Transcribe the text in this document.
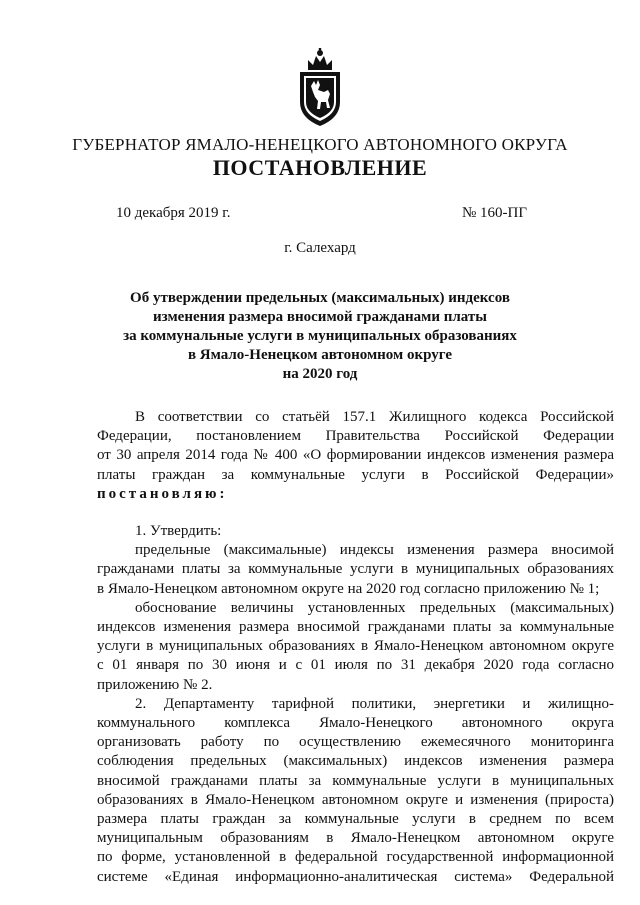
ГУБЕРНАТОР ЯМАЛО-НЕНЕЦКОГО АВТОНОМНОГО ОКРУГА
ПОСТАНОВЛЕНИЕ
10 декабря 2019 г.	№ 160-ПГ
г. Салехард
Об утверждении предельных (максимальных) индексов
изменения размера вносимой гражданами платы
за коммунальные услуги в муниципальных образованиях
в Ямало-Ненецком автономном округе
на 2020 год
В соответствии со статьёй 157.1 Жилищного кодекса Российской
Федерации, постановлением Правительства Российской Федерации
от 30 апреля 2014 года № 400 «О формировании индексов изменения размера
платы граждан за коммунальные услуги в Российской Федерации»
постановляю:
1. Утвердить:
предельные (максимальные) индексы изменения размера вносимой
гражданами платы за коммунальные услуги в муниципальных образованиях
в Ямало-Ненецком автономном округе на 2020 год согласно приложению № 1;
обоснование величины установленных предельных (максимальных)
индексов изменения размера вносимой гражданами платы за коммунальные
услуги в муниципальных образованиях в Ямало-Ненецком автономном округе
с 01 января по 30 июня и с 01 июля по 31 декабря 2020 года согласно
приложению № 2.
2. Департаменту тарифной политики, энергетики и жилищно-
коммунального комплекса Ямало-Ненецкого автономного округа
организовать работу по осуществлению ежемесячного мониторинга
соблюдения предельных (максимальных) индексов изменения размера
вносимой гражданами платы за коммунальные услуги в муниципальных
образованиях в Ямало-Ненецком автономном округе и изменения (прироста)
размера платы граждан за коммунальные услуги в среднем по всем
муниципальным образованиям в Ямало-Ненецком автономном округе
по форме, установленной в федеральной государственной информационной
системе «Единая информационно-аналитическая система» Федеральной
